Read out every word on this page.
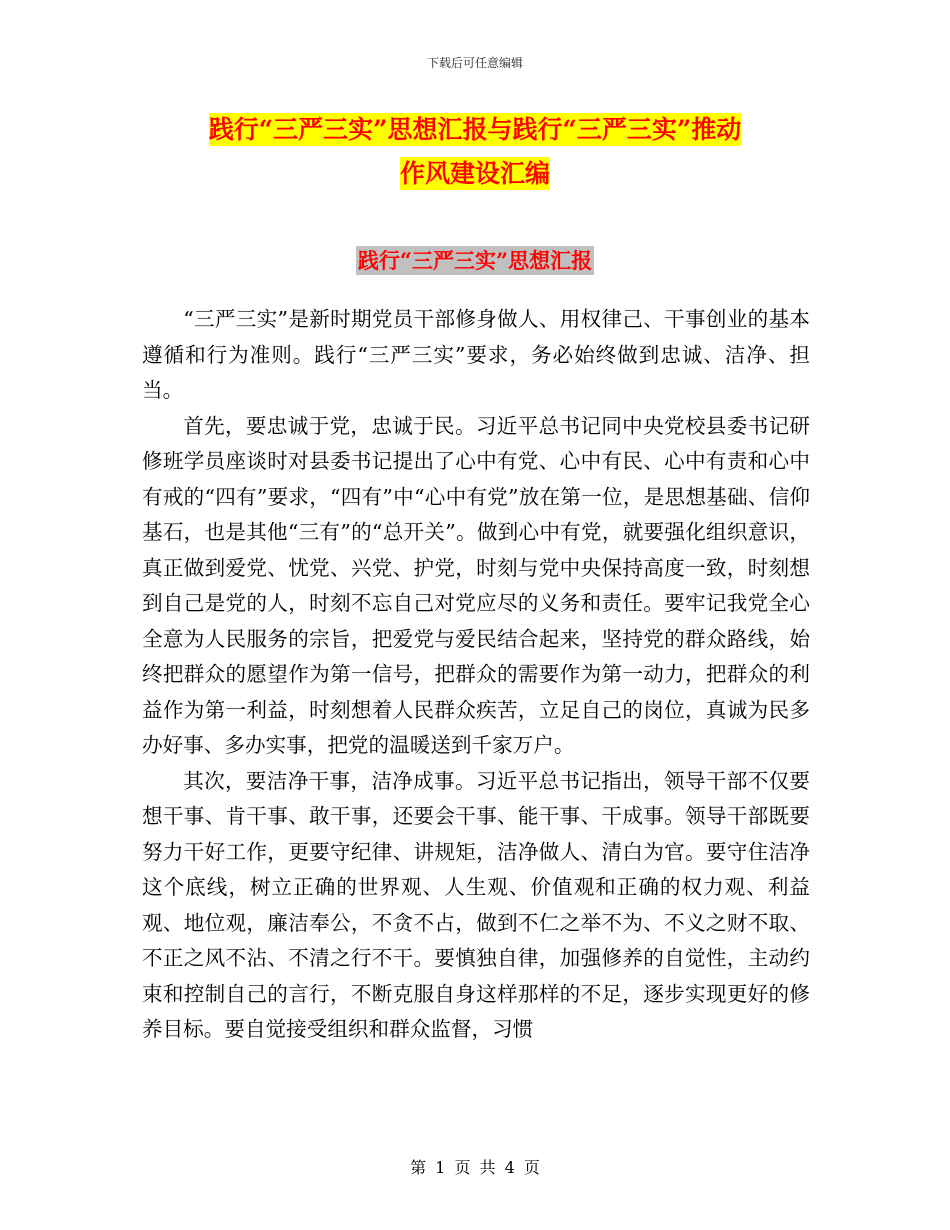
下载后可任意编辑
践行“三严三实”思想汇报与践行“三严三实”推动
作风建设汇编
践行“三严三实”思想汇报

“三严三实”是新时期党员干部修身做人、用权律己、干事创业的基本遵循和行为准则。践行“三严三实”要求，务必始终做到忠诚、洁净、担当。

首先，要忠诚于党，忠诚于民。习近平总书记同中央党校县委书记研修班学员座谈时对县委书记提出了心中有党、心中有民、心中有责和心中有戒的“四有”要求，“四有”中“心中有党”放在第一位，是思想基础、信仰基石，也是其他“三有”的“总开关”。做到心中有党，就要强化组织意识，真正做到爱党、忧党、兴党、护党，时刻与党中央保持高度一致，时刻想到自己是党的人，时刻不忘自己对党应尽的义务和责任。要牢记我党全心全意为人民服务的宗旨，把爱党与爱民结合起来，坚持党的群众路线，始终把群众的愿望作为第一信号，把群众的需要作为第一动力，把群众的利益作为第一利益，时刻想着人民群众疾苦，立足自己的岗位，真诚为民多办好事、多办实事，把党的温暖送到千家万户。

其次，要洁净干事，洁净成事。习近平总书记指出，领导干部不仅要想干事、肯干事、敢干事，还要会干事、能干事、干成事。领导干部既要努力干好工作，更要守纪律、讲规矩，洁净做人、清白为官。要守住洁净这个底线，树立正确的世界观、人生观、价值观和正确的权力观、利益观、地位观，廉洁奉公，不贪不占，做到不仁之举不为、不义之财不取、不正之风不沾、不清之行不干。要慎独自律，加强修养的自觉性，主动约束和控制自己的言行，不断克服自身这样那样的不足，逐步实现更好的修养目标。要自觉接受组织和群众监督，习惯

第 1 页 共 4 页
